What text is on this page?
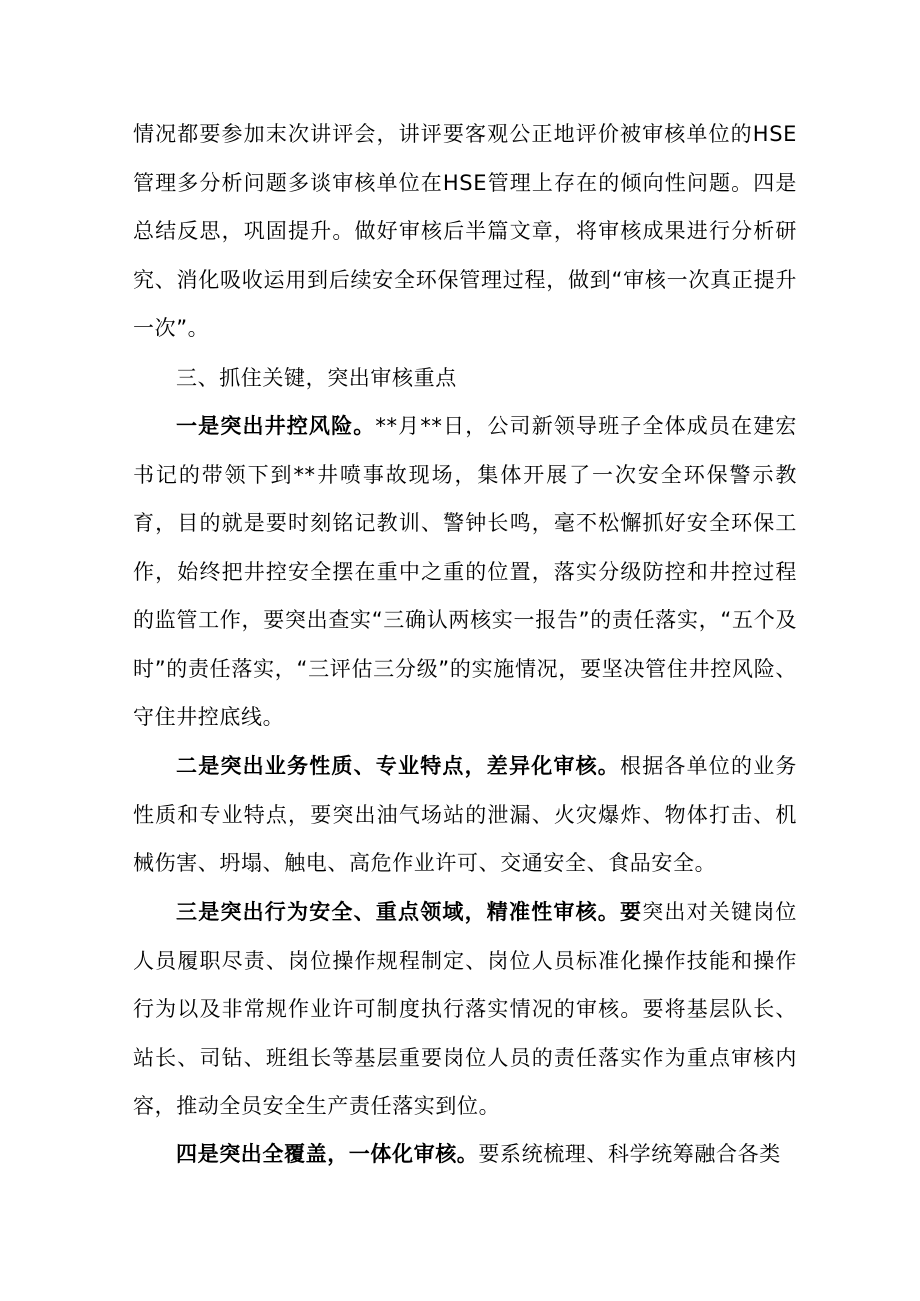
情况都要参加末次讲评会，讲评要客观公正地评价被审核单位的HSE管理多分析问题多谈审核单位在HSE管理上存在的倾向性问题。四是总结反思，巩固提升。做好审核后半篇文章，将审核成果进行分析研究、消化吸收运用到后续安全环保管理过程，做到“审核一次真正提升一次”。

三、抓住关键，突出审核重点

一是突出井控风险。**月**日，公司新领导班子全体成员在建宏书记的带领下到**井喷事故现场，集体开展了一次安全环保警示教育，目的就是要时刻铭记教训、警钟长鸣，毫不松懈抓好安全环保工作，始终把井控安全摆在重中之重的位置，落实分级防控和井控过程的监管工作，要突出查实“三确认两核实一报告”的责任落实，“五个及时”的责任落实，“三评估三分级”的实施情况，要坚决管住井控风险、守住井控底线。

二是突出业务性质、专业特点，差异化审核。根据各单位的业务性质和专业特点，要突出油气场站的泄漏、火灾爆炸、物体打击、机械伤害、坍塌、触电、高危作业许可、交通安全、食品安全。

三是突出行为安全、重点领域，精准性审核。要突出对关键岗位人员履职尽责、岗位操作规程制定、岗位人员标准化操作技能和操作行为以及非常规作业许可制度执行落实情况的审核。要将基层队长、站长、司钻、班组长等基层重要岗位人员的责任落实作为重点审核内容，推动全员安全生产责任落实到位。

四是突出全覆盖，一体化审核。要系统梳理、科学统筹融合各类
